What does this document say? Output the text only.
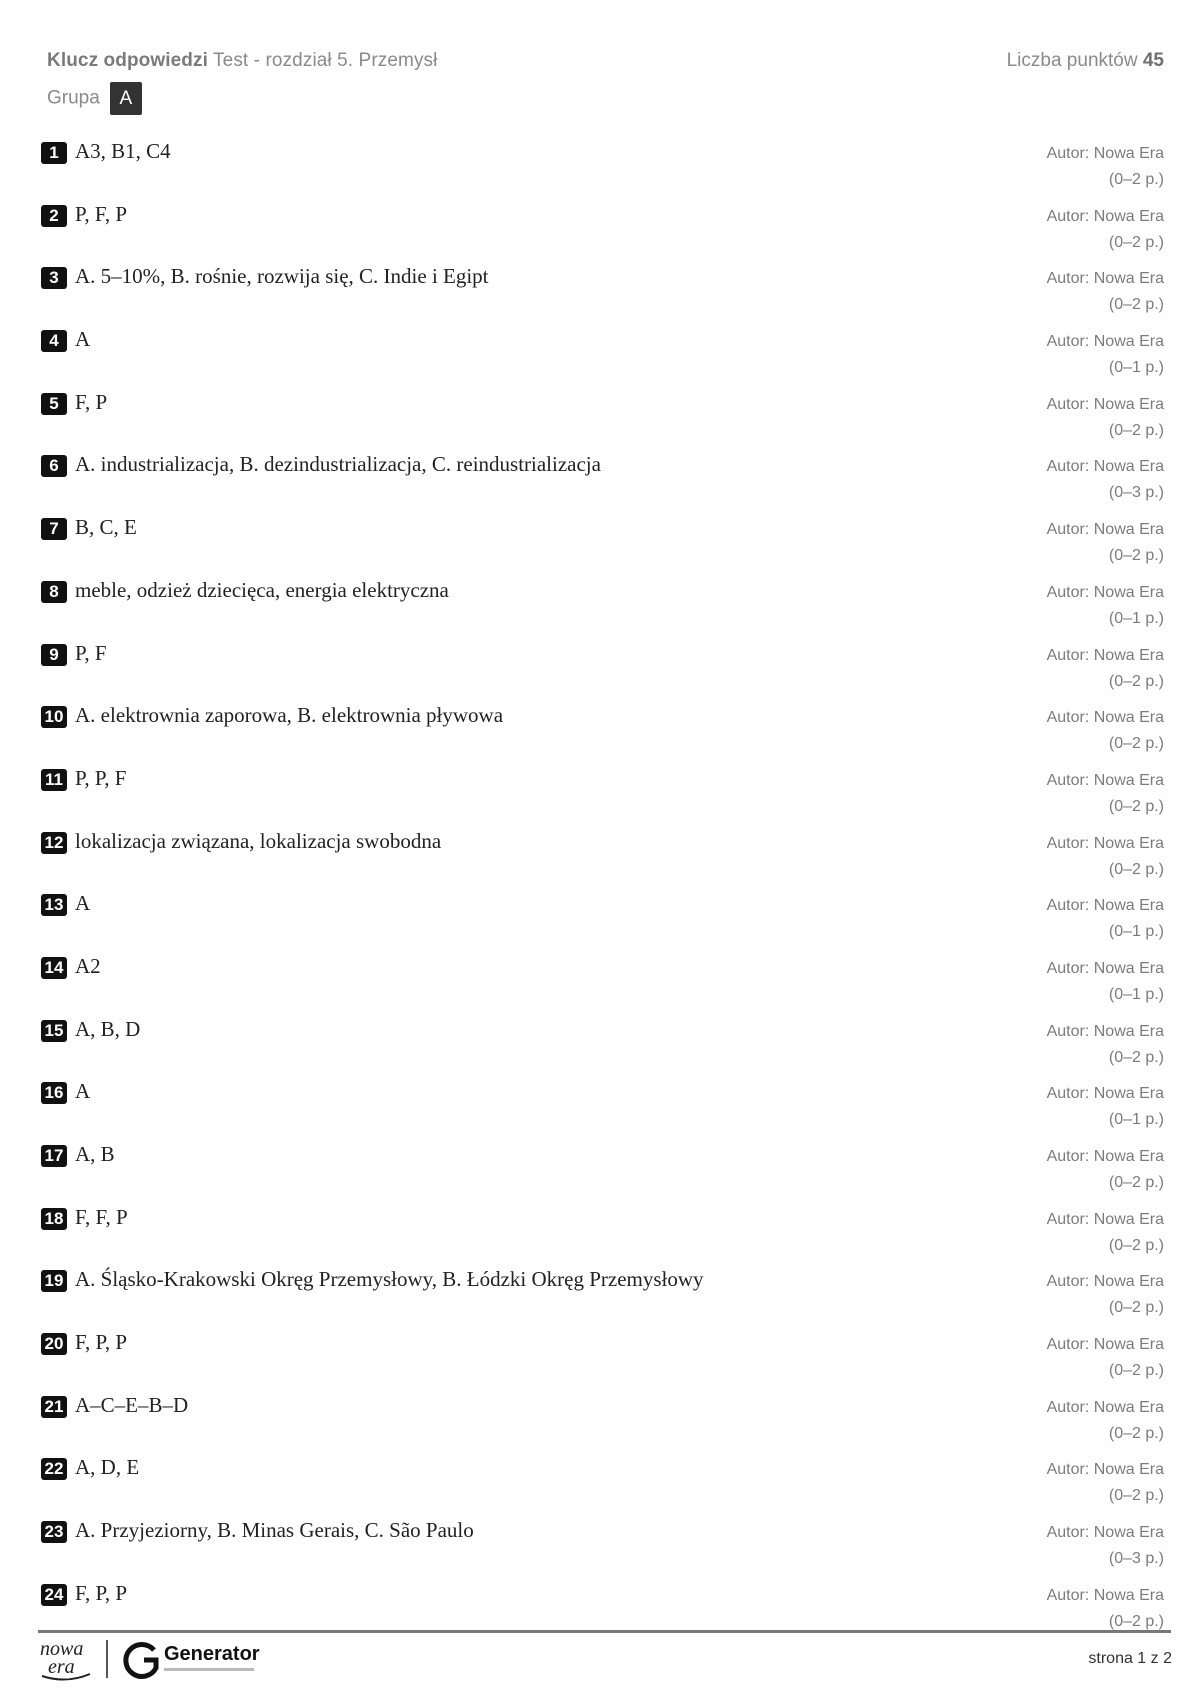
Klucz odpowiedzi Test - rozdział 5. Przemysł	Liczba punktów 45
Grupa A
1 A3, B1, C4	Autor: Nowa Era
(0–2 p.)
2 P, F, P	Autor: Nowa Era
(0–2 p.)
3 A. 5–10%, B. rośnie, rozwija się, C. Indie i Egipt	Autor: Nowa Era
(0–2 p.)
4 A	Autor: Nowa Era
(0–1 p.)
5 F, P	Autor: Nowa Era
(0–2 p.)
6 A. industrializacja, B. dezindustrializacja, C. reindustrializacja	Autor: Nowa Era
(0–3 p.)
7 B, C, E	Autor: Nowa Era
(0–2 p.)
8 meble, odzież dziecięca, energia elektryczna	Autor: Nowa Era
(0–1 p.)
9 P, F	Autor: Nowa Era
(0–2 p.)
10 A. elektrownia zaporowa, B. elektrownia pływowa	Autor: Nowa Era
(0–2 p.)
11 P, P, F	Autor: Nowa Era
(0–2 p.)
12 lokalizacja związana, lokalizacja swobodna	Autor: Nowa Era
(0–2 p.)
13 A	Autor: Nowa Era
(0–1 p.)
14 A2	Autor: Nowa Era
(0–1 p.)
15 A, B, D	Autor: Nowa Era
(0–2 p.)
16 A	Autor: Nowa Era
(0–1 p.)
17 A, B	Autor: Nowa Era
(0–2 p.)
18 F, F, P	Autor: Nowa Era
(0–2 p.)
19 A. Śląsko-Krakowski Okręg Przemysłowy, B. Łódzki Okręg Przemysłowy	Autor: Nowa Era
(0–2 p.)
20 F, P, P	Autor: Nowa Era
(0–2 p.)
21 A–C–E–B–D	Autor: Nowa Era
(0–2 p.)
22 A, D, E	Autor: Nowa Era
(0–2 p.)
23 A. Przyjeziorny, B. Minas Gerais, C. São Paulo	Autor: Nowa Era
(0–3 p.)
24 F, P, P	Autor: Nowa Era
(0–2 p.)
nowa
era
Generator	strona 1 z 2
